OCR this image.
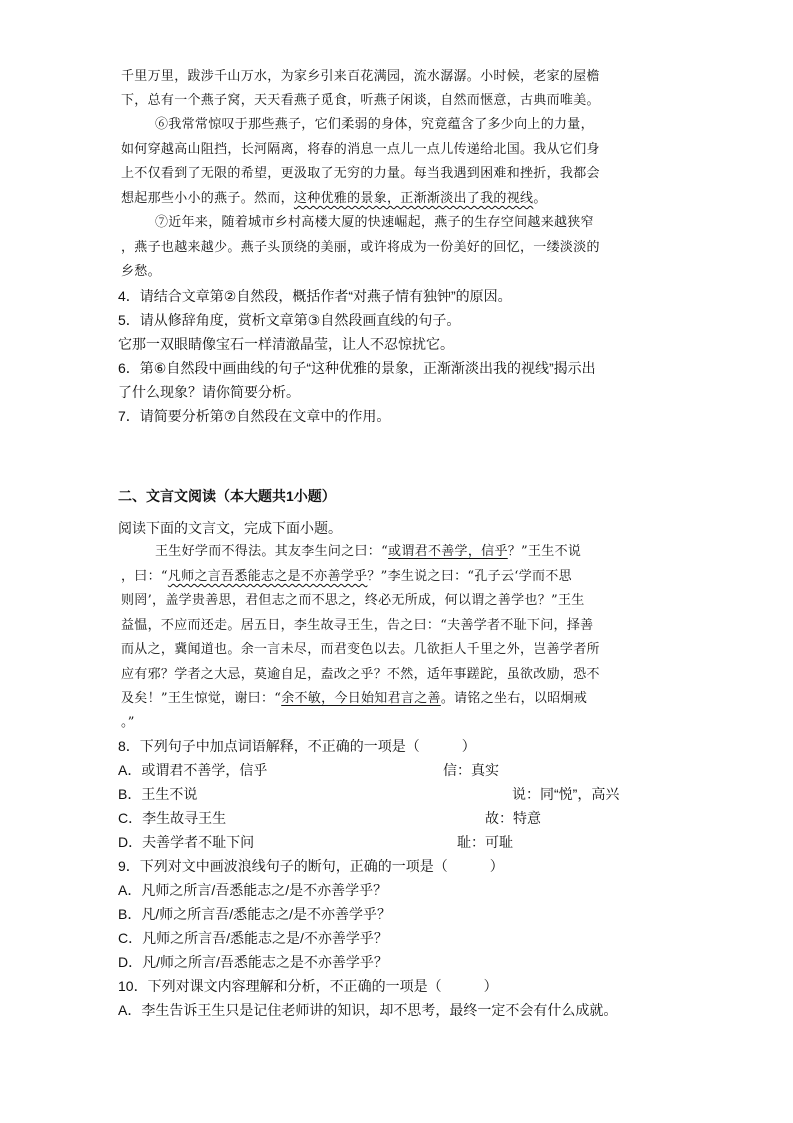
千里万里，跋涉千山万水，为家乡引来百花满园，流水潺潺。小时候，老家的屋檐
下，总有一个燕子窝，天天看燕子觅食，听燕子闲谈，自然而惬意，古典而唯美。
⑥我常常惊叹于那些燕子，它们柔弱的身体，究竟蕴含了多少向上的力量，
如何穿越高山阻挡，长河隔离，将春的消息一点儿一点儿传递给北国。我从它们身
上不仅看到了无限的希望，更汲取了无穷的力量。每当我遇到困难和挫折，我都会
想起那些小小的燕子。然而，这种优雅的景象，正渐渐淡出了我的视线。
⑦近年来，随着城市乡村高楼大厦的快速崛起，燕子的生存空间越来越狭窄
，燕子也越来越少。燕子头顶绕的美丽，或许将成为一份美好的回忆，一缕淡淡的
乡愁。
4．请结合文章第②自然段，概括作者“对燕子情有独钟”的原因。
5．请从修辞角度，赏析文章第③自然段画直线的句子。
它那一双眼睛像宝石一样清澈晶莹，让人不忍惊扰它。
6．第⑥自然段中画曲线的句子“这种优雅的景象，正渐渐淡出我的视线”揭示出
了什么现象？请你简要分析。
7．请简要分析第⑦自然段在文章中的作用。
二、文言文阅读（本大题共1小题）
阅读下面的文言文，完成下面小题。
王生好学而不得法。其友李生问之曰：“或谓君不善学，信乎？”王生不说
，曰：“凡师之言吾悉能志之是不亦善学乎？”李生说之曰：“孔子云‘学而不思
则罔’，盖学贵善思，君但志之而不思之，终必无所成，何以谓之善学也？”王生
益愠，不应而还走。居五日，李生故寻王生，告之曰：“夫善学者不耻下问，择善
而从之，冀闻道也。余一言未尽，而君变色以去。几欲拒人千里之外，岂善学者所
应有邪？学者之大忌，莫逾自足，盍改之乎？不然，适年事蹉跎，虽欲改励，恐不
及矣！”王生惊觉，谢曰：“余不敏，今日始知君言之善。请铭之坐右，以昭炯戒
。”
8．下列句子中加点词语解释，不正确的一项是（　　　）
A．或谓君不善学，信乎	信：真实
B．王生不说	说：同“悦”，高兴
C．李生故寻王生	故：特意
D．夫善学者不耻下问	耻：可耻
9．下列对文中画波浪线句子的断句，正确的一项是（　　　）
A．凡师之所言/吾悉能志之/是不亦善学乎？
B．凡/师之所言吾/悉能志之/是不亦善学乎？
C．凡师之所言吾/悉能志之是/不亦善学乎？
D．凡/师之所言/吾悉能志之是不亦善学乎？
10．下列对课文内容理解和分析，不正确的一项是（　　　）
A．李生告诉王生只是记住老师讲的知识，却不思考，最终一定不会有什么成就。
